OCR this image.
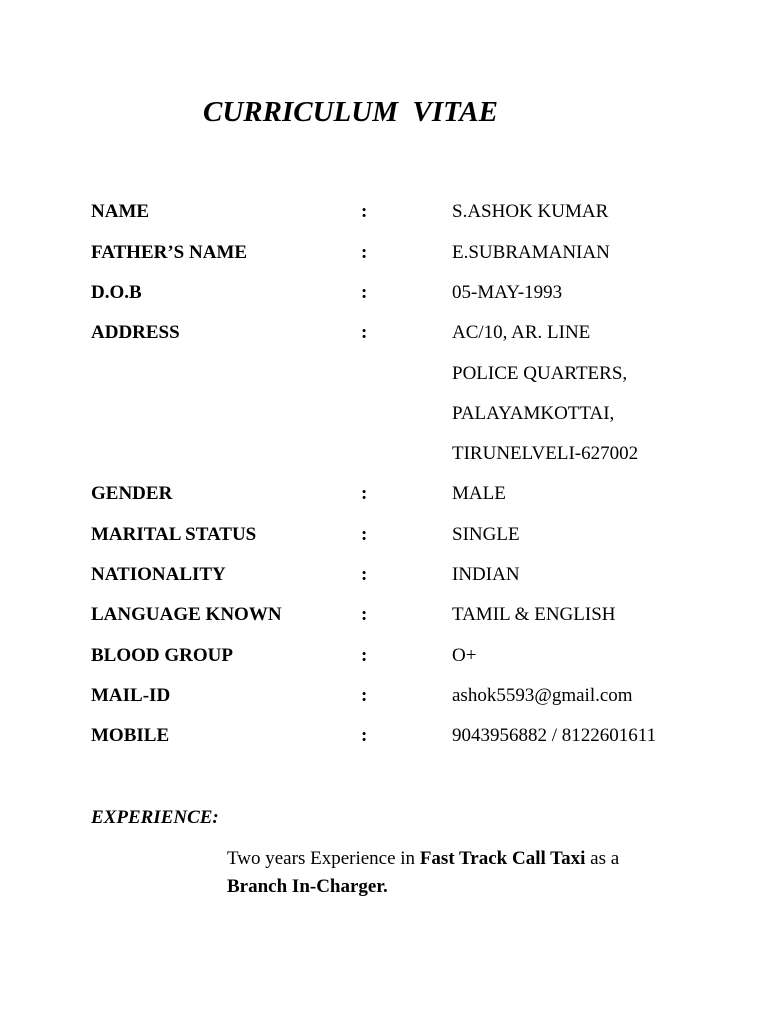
CURRICULUM  VITAE
NAME	:	S.ASHOK KUMAR
FATHER’S NAME	:	E.SUBRAMANIAN
D.O.B	:	05-MAY-1993
ADDRESS	:	AC/10, AR. LINE
POLICE QUARTERS,
PALAYAMKOTTAI,
TIRUNELVELI-627002
GENDER	:	MALE
MARITAL STATUS	:	SINGLE
NATIONALITY	:	INDIAN
LANGUAGE KNOWN	:	TAMIL & ENGLISH
BLOOD GROUP	:	O+
MAIL-ID	:	ashok5593@gmail.com
MOBILE	:	9043956882 / 8122601611
EXPERIENCE:
Two years Experience in Fast Track Call Taxi as a
Branch In-Charger.
